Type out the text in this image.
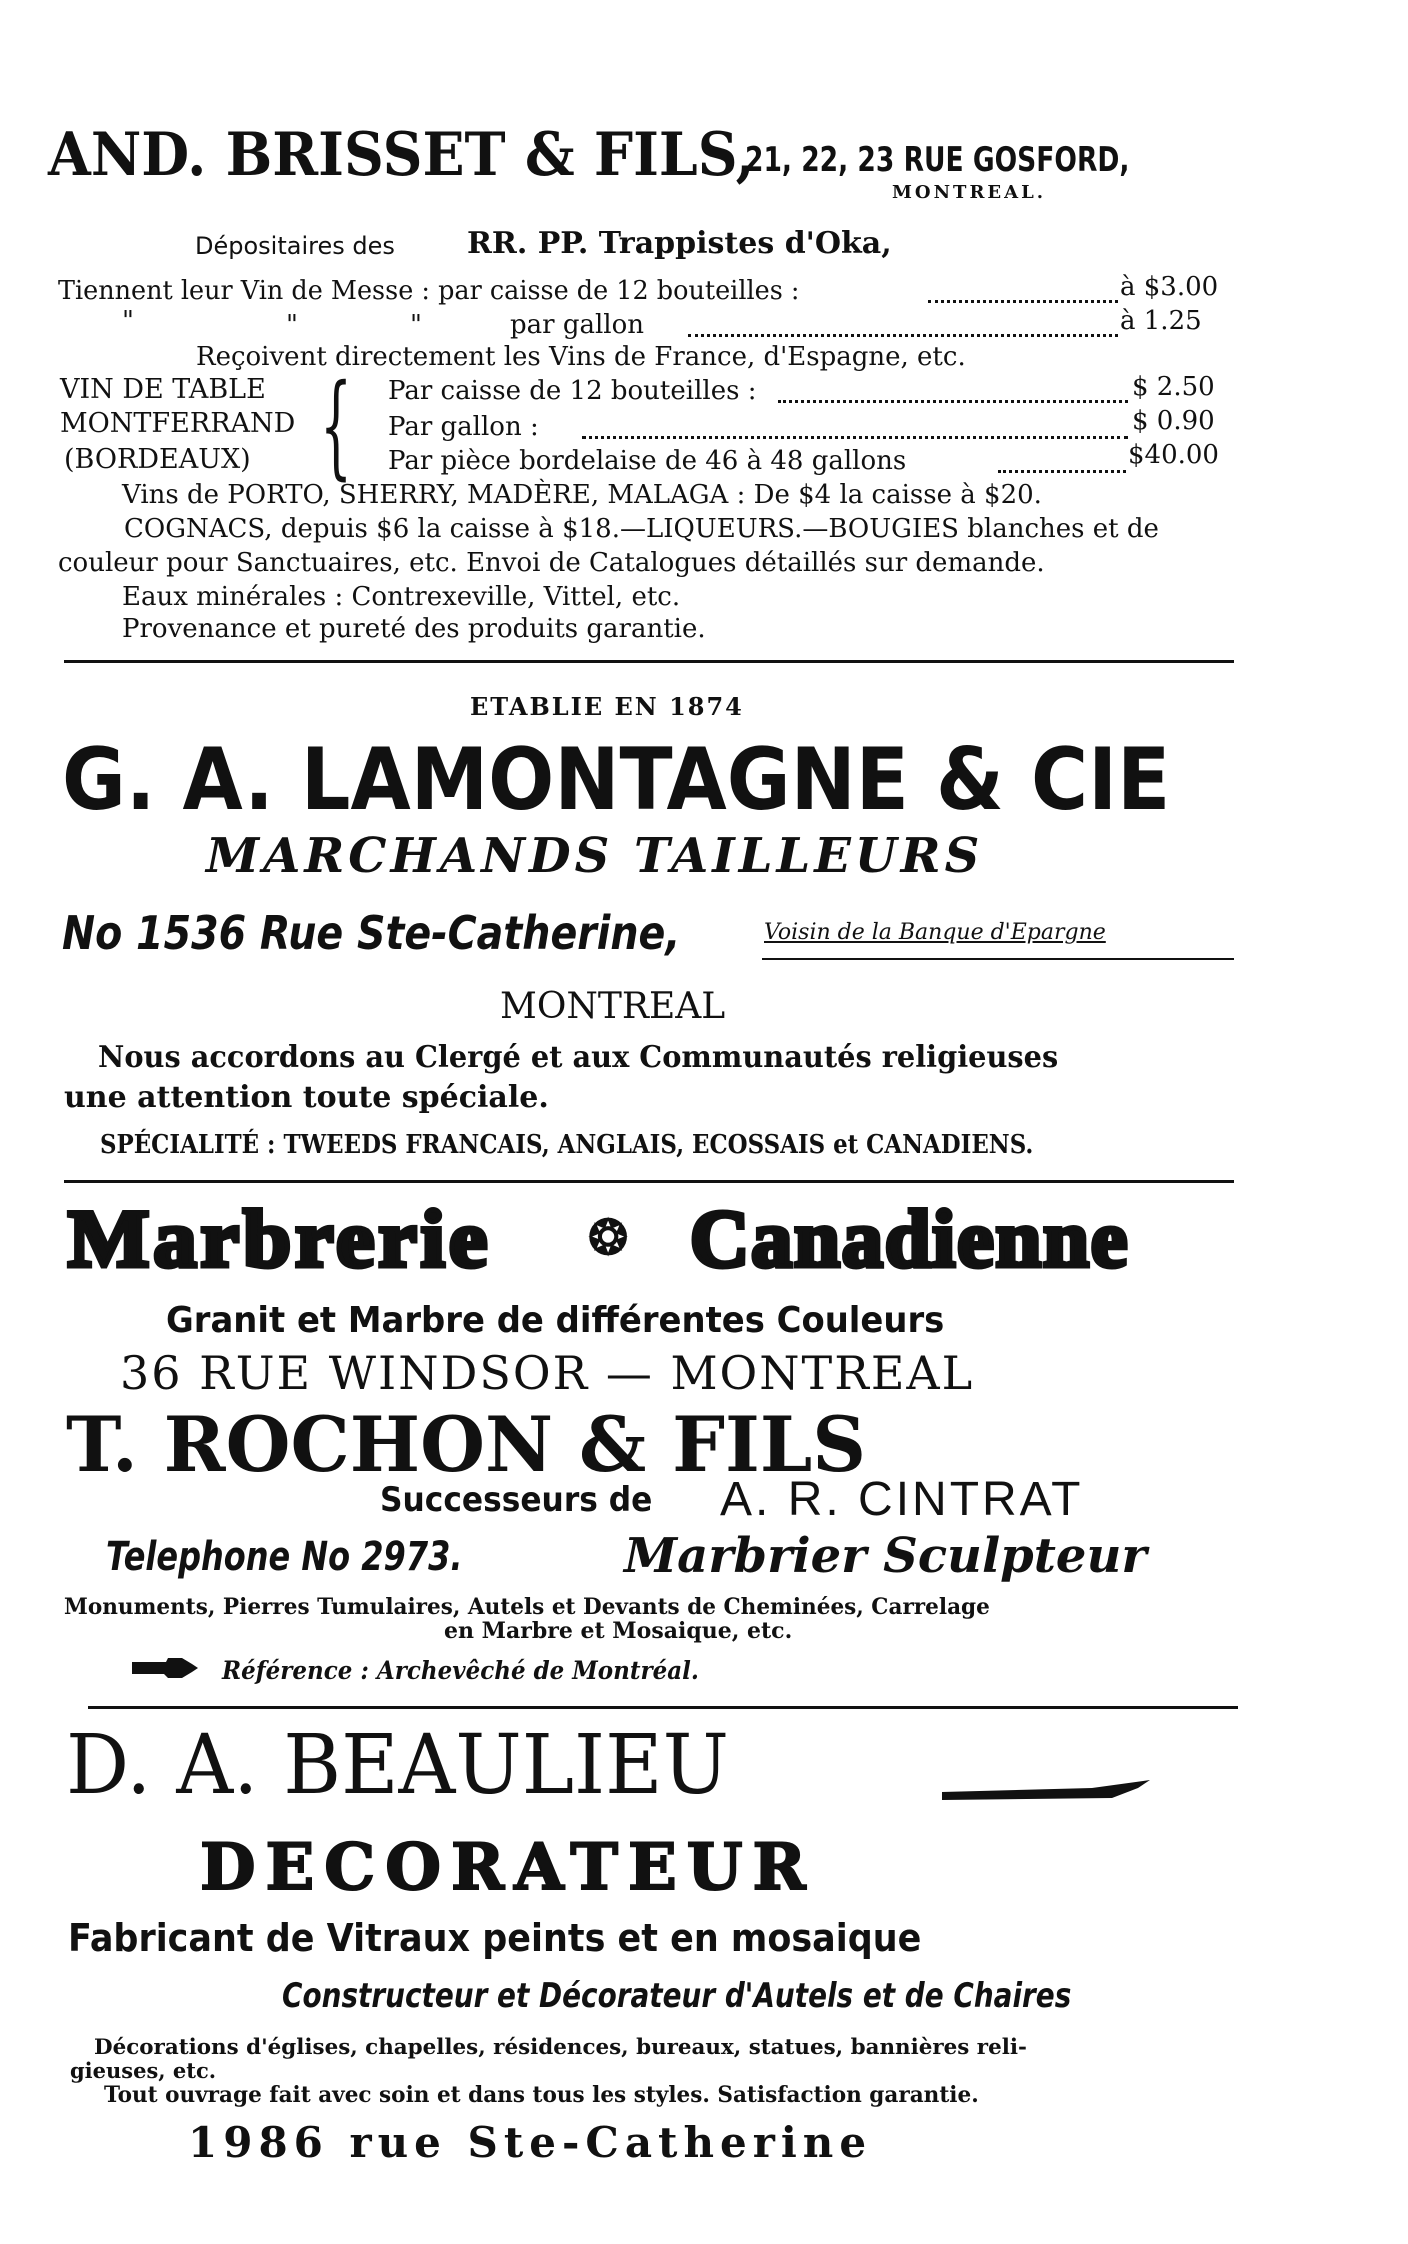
AND. BRISSET & FILS,
21, 22, 23 RUE GOSFORD,
MONTREAL.
Dépositaires des RR. PP. Trappistes d'Oka,
Tiennent leur Vin de Messe : par caisse de 12 bouteilles :	à $3.00
"	"	"	par gallon	à 1.25
Reçoivent directement les Vins de France, d'Espagne, etc.
VIN DE TABLE
MONTFERRAND
(BORDEAUX) { Par caisse de 12 bouteilles :	$ 2.50
Par gallon :	$ 0.90
Par pièce bordelaise de 46 à 48 gallons	$40.00
Vins de PORTO, SHERRY, MADÈRE, MALAGA : De $4 la caisse à $20.
COGNACS, depuis $6 la caisse à $18.—LIQUEURS.—BOUGIES blanches et de
couleur pour Sanctuaires, etc. Envoi de Catalogues détaillés sur demande.
Eaux minérales : Contrexeville, Vittel, etc.
Provenance et pureté des produits garantie.
ETABLIE EN 1874
G. A. LAMONTAGNE & CIE
MARCHANDS TAILLEURS
No 1536 Rue Ste-Catherine,	Voisin de la Banque d'Epargne
MONTREAL
Nous accordons au Clergé et aux Communautés religieuses
une attention toute spéciale.
SPÉCIALITÉ : TWEEDS FRANCAIS, ANGLAIS, ECOSSAIS et CANADIENS.
Marbrerie ❂ Canadienne
Granit et Marbre de différentes Couleurs
36 RUE WINDSOR — MONTREAL
T. ROCHON & FILS
Successeurs de A. R. CINTRAT
Telephone No 2973.	Marbrier Sculpteur
Monuments, Pierres Tumulaires, Autels et Devants de Cheminées, Carrelage
en Marbre et Mosaique, etc.
Référence : Archevêché de Montréal.
D. A. BEAULIEU
DECORATEUR
Fabricant de Vitraux peints et en mosaique
Constructeur et Décorateur d'Autels et de Chaires
Décorations d'églises, chapelles, résidences, bureaux, statues, bannières reli-
gieuses, etc.
Tout ouvrage fait avec soin et dans tous les styles. Satisfaction garantie.
1986 rue Ste-Catherine
